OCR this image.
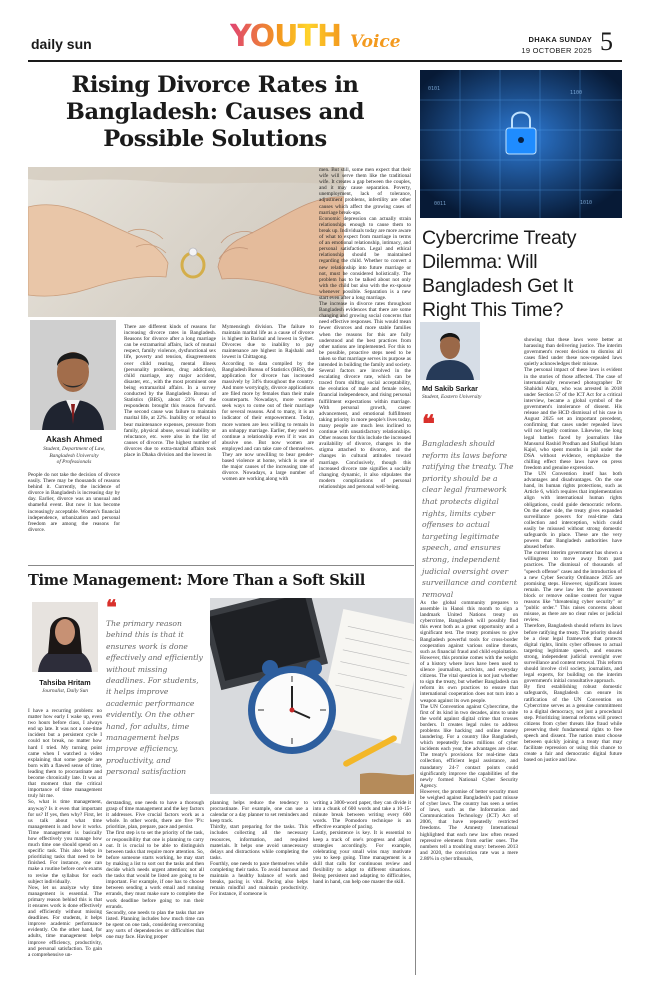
daily sun	YOUTH Voice	DHAKA SUNDAY
19 OCTOBER 2025 5
Rising Divorce Rates in
Bangladesh: Causes and
Possible Solutions
Akash Ahmed
Student, Department of Law,
Bangladesh University
of Professionals
People do not take the decision of divorce easily. There may be thousands of reasons behind it. Currently, the incidence of divorce in Bangladesh is increasing day by day. Earlier, divorce was an unusual and shameful event. But now it has become increasingly acceptable. Women's financial independence, urbanization and personal freedom are among the reasons for divorce.
There are different kinds of reasons for increasing divorce rates in Bangladesh. Reasons for divorce after a long marriage can be extramarital affairs, lack of mutual respect, family violence, dysfunctional sex life, poverty and tension, disagreements over child rearing, mental illness (personality problems, drug addiction), child marriage, any major accident, disaster, etc., with the most prominent one being extramarital affairs. In a survey conducted by the Bangladesh Bureau of Statistics (BBS), about 23% of the respondents brought this reason forward. The second cause was failure to maintain marital life, at 22%. Inability or refusal to bear maintenance expenses, pressure from family, physical abuse, sexual inability or reluctance, etc. were also in the list of causes of divorce. The highest number of divorces due to extra-marital affairs took place in Dhaka division and the lowest in
Mymensingh division. The failure to maintain marital life as a cause of divorce is highest in Barisal and lowest in Sylhet. Divorces due to inability to pay maintenance are highest in Rajshahi and lowest in Chittagong.
According to data compiled by the Bangladesh Bureau of Statistics (BBS), the application for divorce has increased massively by 34% throughout the country. And more worryingly, divorce applications are filed more by females than their male counterparts. Nowadays, more women seek ways to come out of their marriage for several reasons. And to many, it is an indicator of their empowerment. Today, more women are less willing to remain in an unhappy marriage. Earlier, they used to continue a relationship even if it was an abusive one. But now women are employed and can take care of themselves. They are now unwilling to bear gender-based violence at home, which is one of the major causes of the increasing rate of divorce. Nowadays, a large number of women are working along with
men. But still, some men expect that their wife will serve them like the traditional wife. It creates a gap between the couples, and it may cause separation. Poverty, unemployment, lack of tolerance, adjustment problems, infertility are other causes which affect the growing cases of marriage break-ups.
Economic depression can actually strain relationships enough to cause them to break up. Individuals today are more aware of what to expect from marriage in terms of an emotional relationship, intimacy, and personal satisfaction. Legal and ethical relationship should be maintained regarding the child. Whether to convert a new relationship into future marriage or not, must be considered holistically. The problem has to be talked about not only with the child but also with the ex-spouse whenever possible. Separation is a new start even after a long marriage.
The increase in divorce rates throughout Bangladesh evidences that there are some changing and growing social concerns that need effective responses. This would mean fewer divorces and more stable families when the reasons for this are fully understood and the best practices from other nations are implemented. For this to be possible, proactive steps need to be taken so that marriage serves its purpose as intended in building the family and society. Several factors are involved in the escalating divorce rate, which can be traced from shifting social acceptability, the evolution of male and female roles, financial independence, and rising personal fulfillment expectations within marriage. With personal growth, career advancement, and emotional fulfillment taking priority in more people's lives today, many people are much less inclined to continue with unsatisfactory relationships. Other reasons for this include the increased availability of divorce, changes in the stigma attached to divorce, and the changes in cultural attitudes toward marriage. Conclusively, though this increased divorce rate signifies a socially changing dynamic, it also stipulates the modern complications of personal relationships and personal well-being.
0101
1100
0011	1010
Cybercrime Treaty
Dilemma: Will
Bangladesh Get It
Right This Time?
Md Sakib Sarkar
Student, Eastern University
❝
Bangladesh should reform its laws before ratifying the treaty. The priority should be a clear legal framework that protects digital rights, limits cyber offenses to actual targeting legitimate speech, and ensures strong, independent judicial oversight over surveillance and content removal
As the global community prepares to assemble in Hanoi this month to sign a landmark United Nations treaty on cybercrime, Bangladesh will possibly find this event both as a great opportunity and a significant test. The treaty promises to give Bangladesh powerful tools for cross-border cooperation against various online threats, such as financial fraud and child exploitation. However, this promise comes with the weight of a history where laws have been used to silence journalists, activists, and everyday citizens. The vital question is not just whether to sign the treaty, but whether Bangladesh can reform its own practices to ensure that international cooperation does not turn into a weapon against its own people.
The UN Convention against Cybercrime, the first of its kind in two decades, aims to unite the world against digital crime that crosses borders. It creates legal rules to address problems like hacking and online money laundering. For a country like Bangladesh, which repeatedly faces millions of cyber incidents each year, the advantages are clear. The treaty's provisions for real-time data collection, efficient legal assistance, and mandatory 24-7 contact points could significantly improve the capabilities of the newly formed National Cyber Security Agency.
However, the promise of better security must be weighed against Bangladesh's past misuse of cyber laws. The country has seen a series of laws, such as the Information and Communication Technology (ICT) Act of 2006, that have repeatedly restricted freedoms. The Amnesty International highlighted that each new law often reused repressive elements from earlier ones. The numbers tell a troubling story: between 2013 and 2020, the conviction rate was a mere 2.86% in cyber tribunals,
showing that these laws were better at harassing than delivering justice. The interim government's recent decision to dismiss all cases filed under these now-repealed laws quietly acknowledges their misuse.
The personal impact of these laws is evident in the stories of those affected. The case of internationally renowned photographer Dr Shahidul Alam, who was arrested in 2018 under Section 57 of the ICT Act for a critical interview, became a global symbol of the government's intolerance of dissent. His release and the HCD dismissal of his case in August 2025 set an important precedent, confirming that cases under repealed laws will not legally continue. Likewise, the long legal battles faced by journalists like Mansurul Rashid Prodhan and Shafiqul Islam Kajol, who spent months in jail under the DSA without evidence, emphasize the chilling effect these laws have on press freedom and genuine expression.
The UN Convention itself has both advantages and disadvantages. On the one hand, its human rights protections, such as Article 6, which requires that implementation align with international human rights obligations, could guide democratic reform. On the other side, the treaty gives expanded surveillance powers for real-time data collection and interception, which could easily be misused without strong domestic safeguards in place. These are the very powers that Bangladesh authorities have abused before.
The current interim government has shown a willingness to move away from past practices. The dismissal of thousands of "speech offense" cases and the introduction of a new Cyber Security Ordinance 2025 are promising steps. However, significant issues remain. The new law lets the government block or remove online content for vague reasons like "threatening cyber security" or "public order." This raises concerns about misuse, as there are no clear rules or judicial review.
Therefore, Bangladesh should reform its laws before ratifying the treaty. The priority should be a clear legal framework that protects digital rights, limits cyber offenses to actual targeting legitimate speech, and ensures strong, independent judicial oversight over surveillance and content removal. This reform should involve civil society, journalists, and legal experts, for building on the interim government's initial consultative approach.
By first establishing robust domestic safeguards, Bangladesh can ensure its ratification of the UN Convention on Cybercrime serves as a genuine commitment to a digital democracy, not just a procedural step. Prioritizing internal reforms will protect citizens from cyber threats like fraud while preserving their fundamental rights to free speech and dissent. The nation must choose between quickly joining a treaty that may facilitate repression or using this chance to create a fair and democratic digital future based on justice and law.
Time Management: More Than a Soft Skill
Tahsiba Hritam
Journalist, Daily Sun
❝
The primary reason behind this is that it ensures work is done effectively and efficiently without missing deadlines. For students, it helps improve academic performance evidently. On the other hand, for adults, time management helps improve efficiency, productivity, and personal satisfaction
I have a recurring problem: no matter how early I wake up, even two hours before class, I always end up late. It was not a one-time incident but a persistent cycle I could not break, no matter how hard I tried. My turning point came when I watched a video explaining that some people are born with a flawed sense of time, leading them to procrastinate and become chronically late. It was at that moment that the critical importance of time management truly hit me.
So, what is time management, anyway? Is it even that important for us? If yes, then why? First, let us talk about what time management is and how it works. Time management is basically how effectively you manage how much time one should spend on a specific task. This also helps in prioritizing tasks that need to be finished. For instance, one can make a routine before one's exams to revise the syllabus for each subject individually.
Now, let us analyze why time management is essential. The primary reason behind this is that it ensures work is done effectively and efficiently without missing deadlines. For students, it helps improve academic performance evidently. On the other hand, for adults, time management helps improve efficiency, productivity, and personal satisfaction. To gain a comprehensive un-
derstanding, one needs to have a thorough grasp of time management and the key factors it addresses. Five crucial factors work as a whole. In other words, there are five 'P's: prioritize, plan, prepare, pace and persist.
The first step is to set the priority of the task, or responsibility that one is planning to carry out. It is crucial to be able to distinguish between tasks that require more attention. So, before someone starts working, he may start by making a list to sort out the tasks and then decide which needs urgent attention; not all the tasks that would be listed are going to be important. For example, if one has to choose between sending a work email and running errands, they must make sure to complete the work deadline before going to run their errands.
Secondly, one needs to plan the tasks that are listed. Planning includes how much time can be spent on one task, considering overcoming any sorts of dependencies or difficulties that one may face. Having proper
planning helps reduce the tendency to procrastinate. For example, one can use a calendar or a day planner to set reminders and keep track.
Thirdly, start preparing for the tasks. This includes collecting all the necessary resources, information, and required materials. It helps one avoid unnecessary delays and distractions while completing the tasks.
Fourthly, one needs to pace themselves while completing their tasks. To avoid burnout and maintain a healthy balance of work and breaks, pacing is vital. Pacing also helps remain mindful and maintain productivity. For instance, if someone is
writing a 3000-word paper, they can divide it into a chunk of 600 words and take a 10-15-minute break between writing every 600 words. The Pomodoro technique is an effective example of pacing.
Lastly, persistence is key. It is essential to keep a track of one's progress and adjust strategies accordingly. For example, celebrating your small wins may motivate you to keep going. Time management is a skill that calls for continuous review and flexibility to adapt to different situations. Being persistent and adapting to difficulties, hand in hand, can help one master the skill.
